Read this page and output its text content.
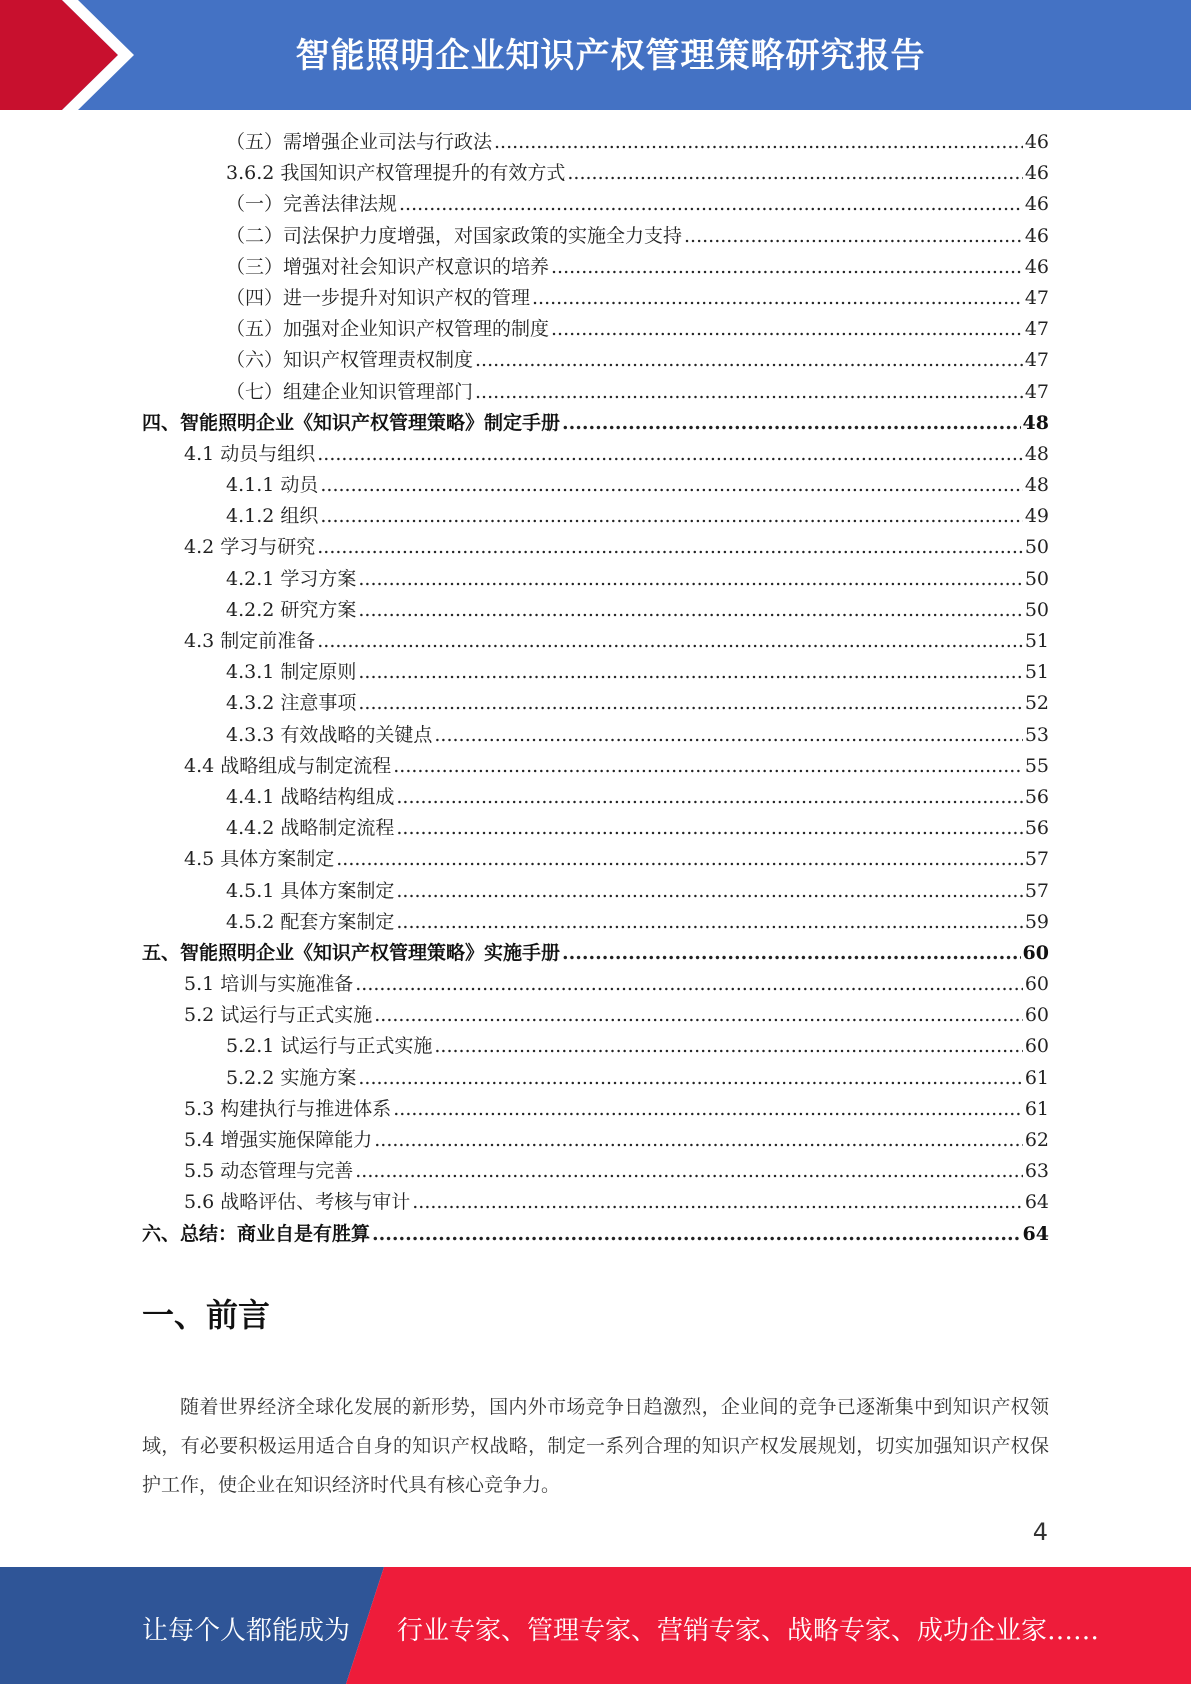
智能照明企业知识产权管理策略研究报告
（五）需增强企业司法与行政法 .....	46
3.6.2 我国知识产权管理提升的有效方式 .....	46
（一）完善法律法规 .....	46
（二）司法保护力度增强，对国家政策的实施全力支持 .....	46
（三）增强对社会知识产权意识的培养 .....	46
（四）进一步提升对知识产权的管理 .....	47
（五）加强对企业知识产权管理的制度 .....	47
（六）知识产权管理责权制度 .....	47
（七）组建企业知识管理部门 .....	47
四、智能照明企业《知识产权管理策略》制定手册 .....	48
4.1 动员与组织 .....	48
4.1.1 动员 .....	48
4.1.2 组织 .....	49
4.2 学习与研究 .....	50
4.2.1 学习方案 .....	50
4.2.2 研究方案 .....	50
4.3 制定前准备 .....	51
4.3.1 制定原则 .....	51
4.3.2 注意事项 .....	52
4.3.3 有效战略的关键点 .....	53
4.4 战略组成与制定流程 .....	55
4.4.1 战略结构组成 .....	56
4.4.2 战略制定流程 .....	56
4.5 具体方案制定 .....	57
4.5.1 具体方案制定 .....	57
4.5.2 配套方案制定 .....	59
五、智能照明企业《知识产权管理策略》实施手册 .....	60
5.1 培训与实施准备 .....	60
5.2 试运行与正式实施 .....	60
5.2.1 试运行与正式实施 .....	60
5.2.2 实施方案 .....	61
5.3 构建执行与推进体系 .....	61
5.4 增强实施保障能力 .....	62
5.5 动态管理与完善 .....	63
5.6 战略评估、考核与审计 .....	64
六、总结：商业自是有胜算 .....	64
一、前言
随着世界经济全球化发展的新形势，国内外市场竞争日趋激烈，企业间的竞争已逐渐集中到知识产权领域，有必要积极运用适合自身的知识产权战略，制定一系列合理的知识产权发展规划，切实加强知识产权保护工作，使企业在知识经济时代具有核心竞争力。
4
让每个人都能成为 行业专家、管理专家、营销专家、战略专家、成功企业家……
